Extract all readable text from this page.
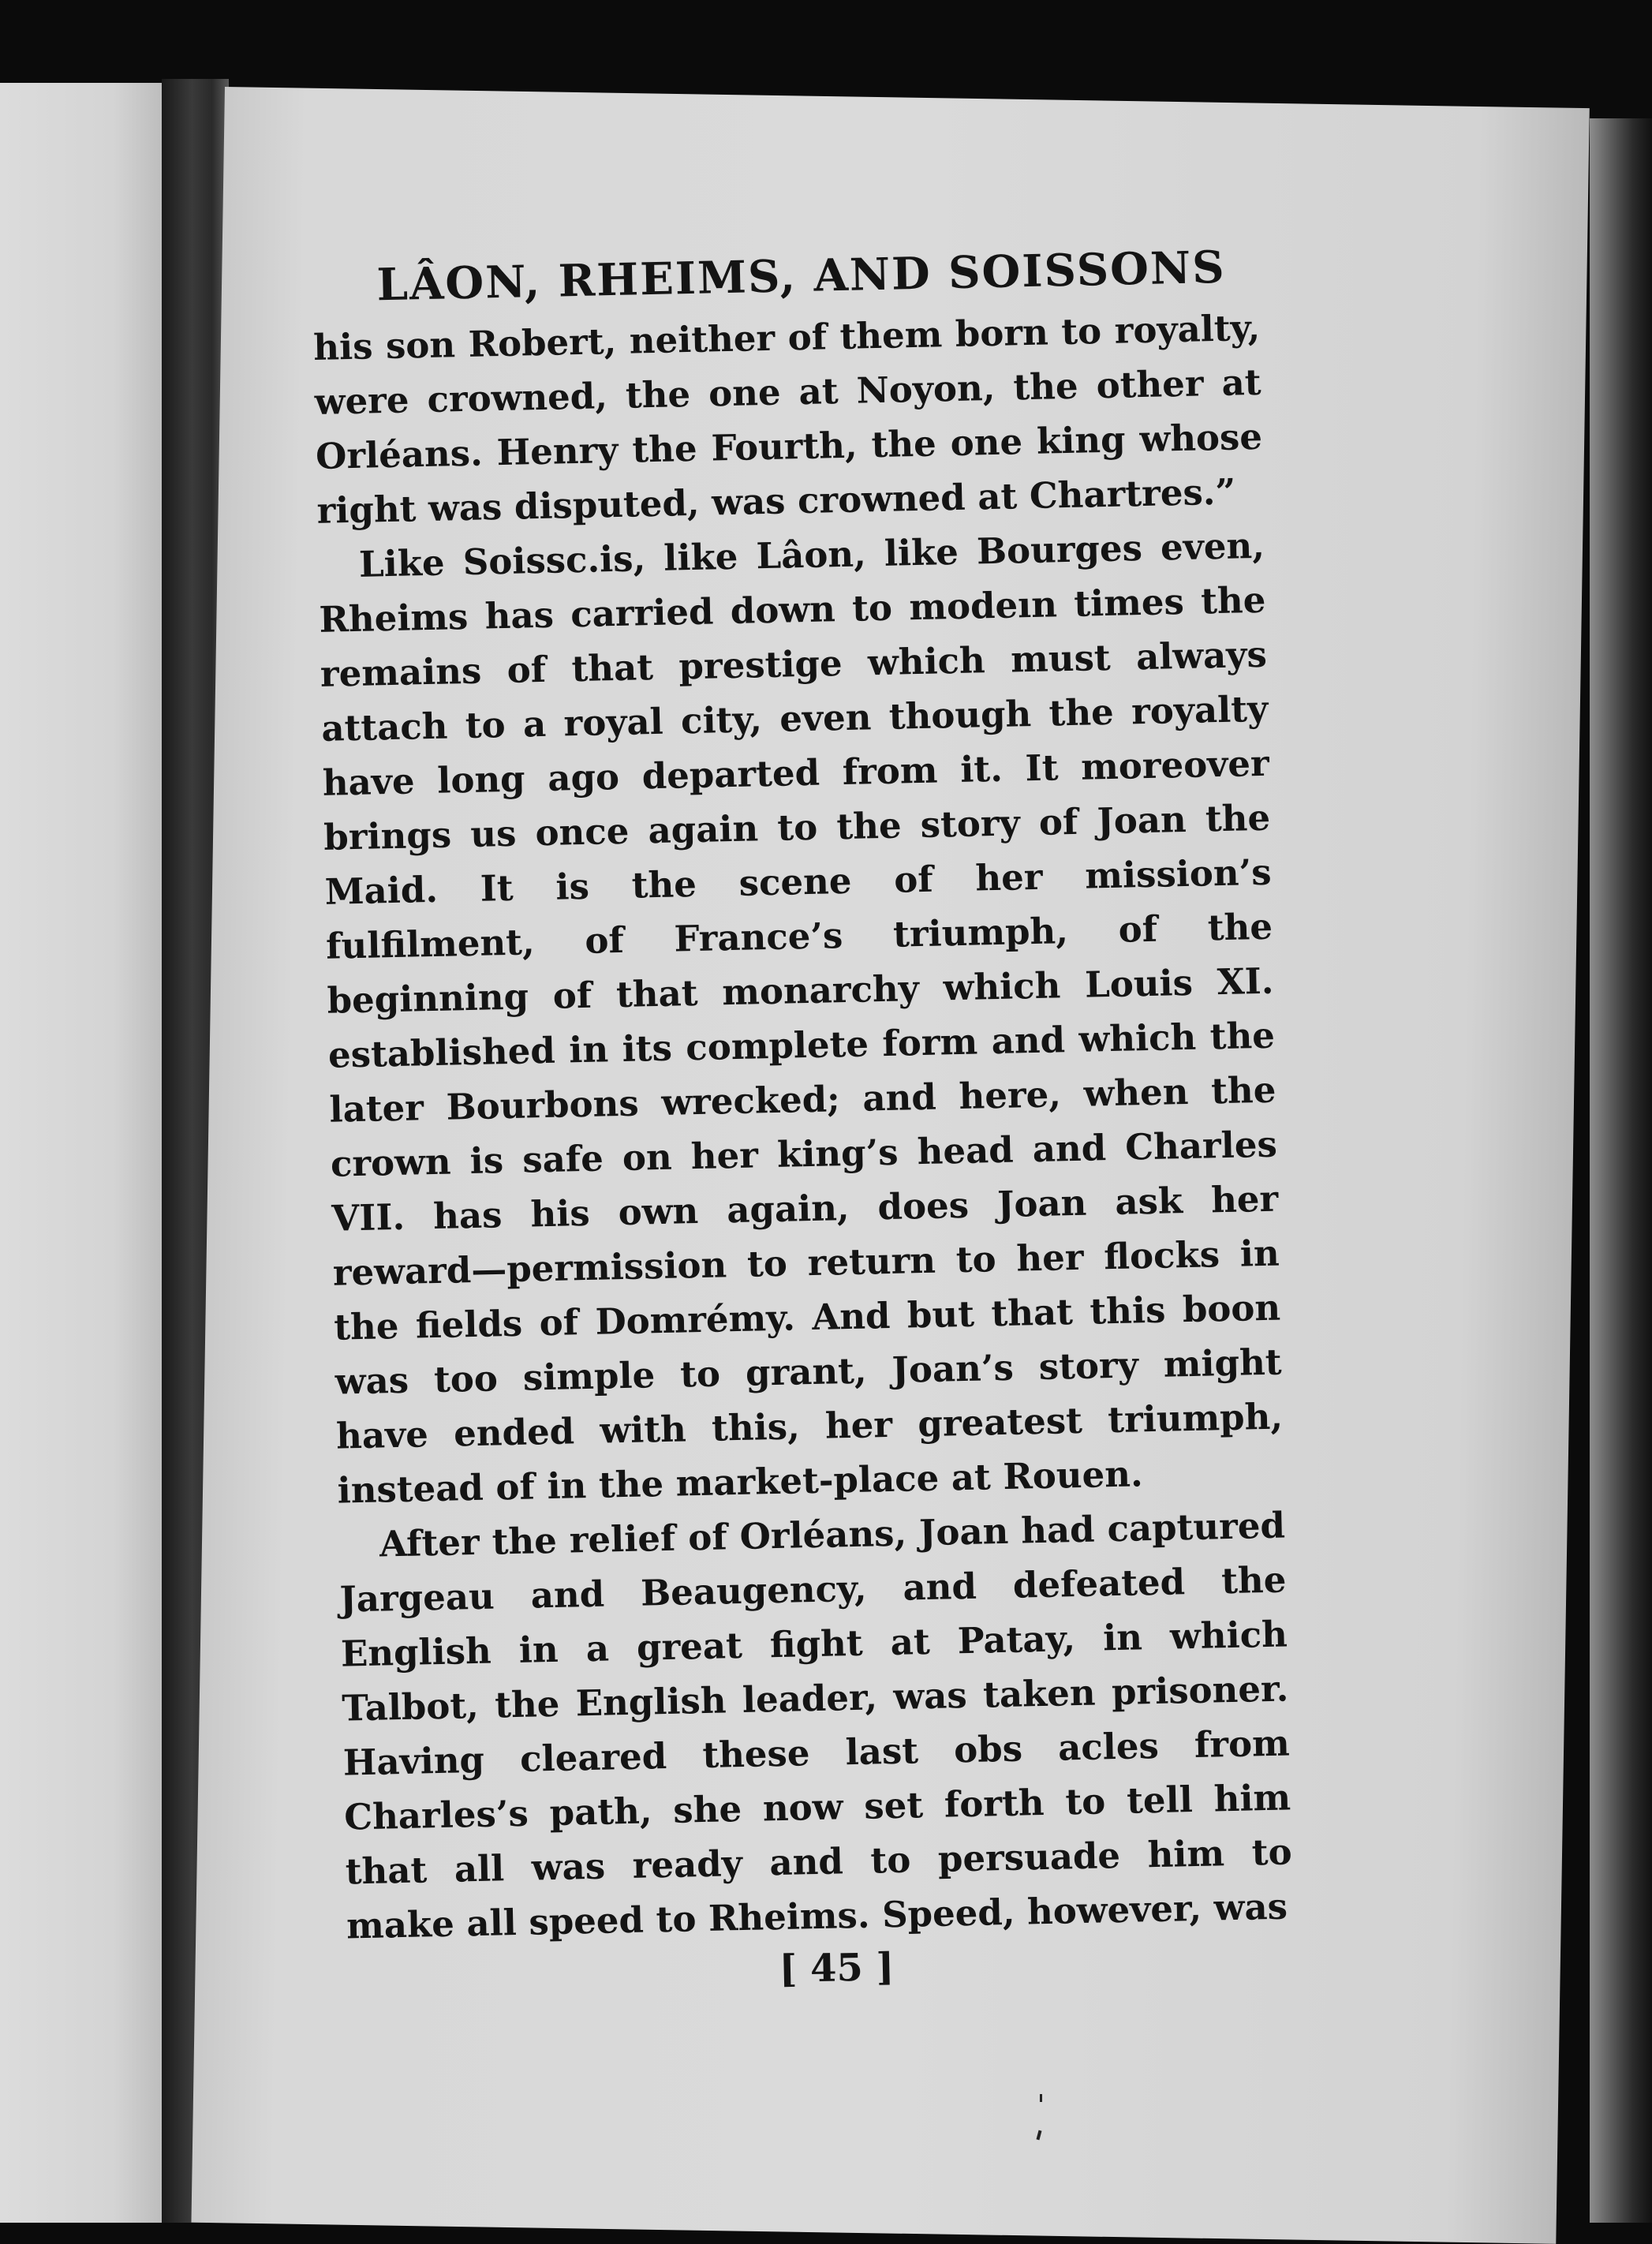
LÂON, RHEIMS, AND SOISSONS

his son Robert, neither of them born to royalty, were crowned, the one at Noyon, the other at Orléans. Henry the Fourth, the one king whose right was disputed, was crowned at Chartres.”

Like Soissc.is, like Lâon, like Bourges even, Rheims has carried down to modeın times the remains of that prestige which must always attach to a royal city, even though the royalty have long ago departed from it. It moreover brings us once again to the story of Joan the Maid. It is the scene of her mission’s fulfilment, of France’s triumph, of the beginning of that monarchy which Louis XI. established in its complete form and which the later Bourbons wrecked; and here, when the crown is safe on her king’s head and Charles VII. has his own again, does Joan ask her reward—permission to return to her flocks in the fields of Domrémy. And but that this boon was too simple to grant, Joan’s story might have ended with this, her greatest triumph, instead of in the market-place at Rouen.

After the relief of Orléans, Joan had captured Jargeau and Beaugency, and defeated the English in a great fight at Patay, in which Talbot, the English leader, was taken prisoner. Having cleared these last obs acles from Charles’s path, she now set forth to tell him that all was ready and to persuade him to make all speed to Rheims. Speed, however, was

[ 45 ]
